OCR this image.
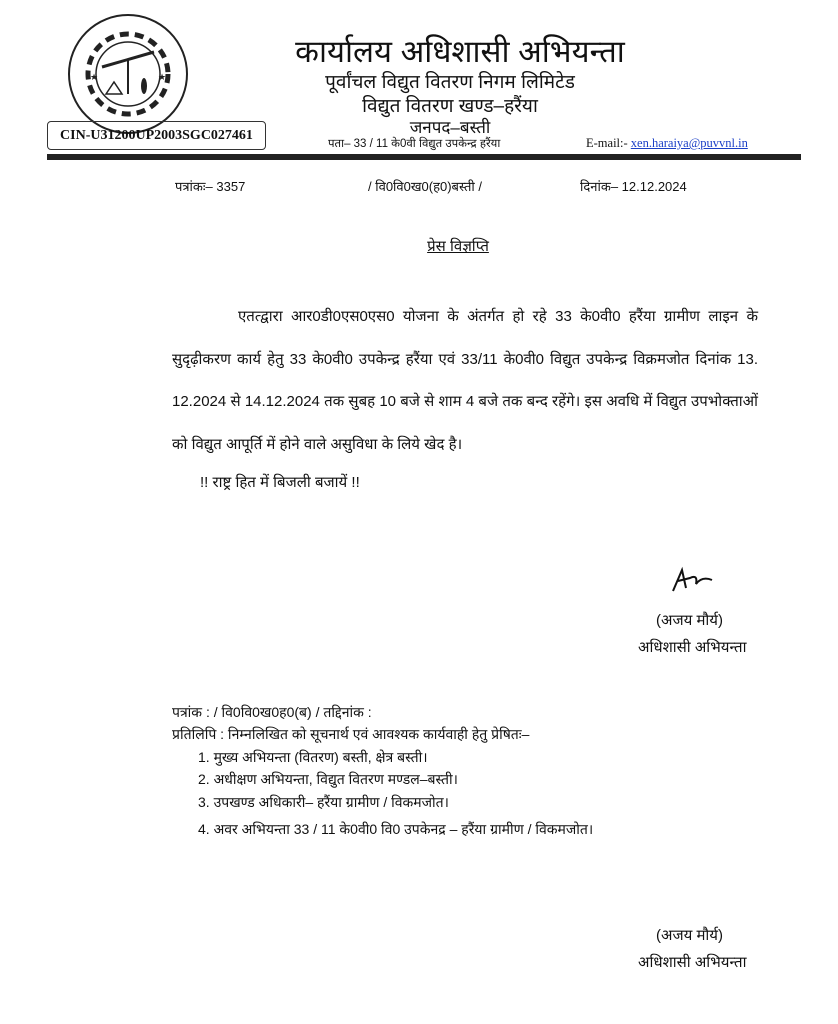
★	★
कार्यालय अधिशासी अभियन्ता
पूर्वांचल विद्युत वितरण निगम लिमिटेड
विद्युत वितरण खण्ड–हरैंया
जनपद–बस्ती
CIN-U31200UP2003SGC027461
पता– 33 / 11 के0वी विद्युत उपकेन्द्र हरैंया	E-mail:- xen.haraiya@puvvnl.in
पत्रांकः– 3357	/ वि0वि0ख0(ह0)बस्ती /	दिनांक– 12.12.2024
प्रेस विज्ञप्ति
एतत्द्वारा आर0डी0एस0एस0 योजना के अंतर्गत हो रहे 33 के0वी0 हरैंया ग्रामीण लाइन के सुदृढ़ीकरण कार्य हेतु 33 के0वी0 उपकेन्द्र हरैंया एवं 33/11 के0वी0 विद्युत उपकेन्द्र विक्रमजोत दिनांक 13. 12.2024 से 14.12.2024 तक सुबह 10 बजे से शाम 4 बजे तक बन्द रहेंगे। इस अवधि में विद्युत उपभोक्ताओं को विद्युत आपूर्ति में होने वाले असुविधा के लिये खेद है।
!! राष्ट्र हित में बिजली बजायें !!
(अजय मौर्य)
अधिशासी अभियन्ता
पत्रांक : / वि0वि0ख0ह0(ब) / तद्दिनांक :
प्रतिलिपि : निम्नलिखित को सूचनार्थ एवं आवश्यक कार्यवाही हेतु प्रेषितः–
1. मुख्य अभियन्ता (वितरण) बस्ती, क्षेत्र बस्ती।
2. अधीक्षण अभियन्ता, विद्युत वितरण मण्डल–बस्ती।
3. उपखण्ड अधिकारी– हरैंया ग्रामीण / विकमजोत।
4. अवर अभियन्ता 33 / 11 के0वी0 वि0 उपकेनद्र – हरैंया ग्रामीण / विकमजोत।
(अजय मौर्य)
अधिशासी अभियन्ता
